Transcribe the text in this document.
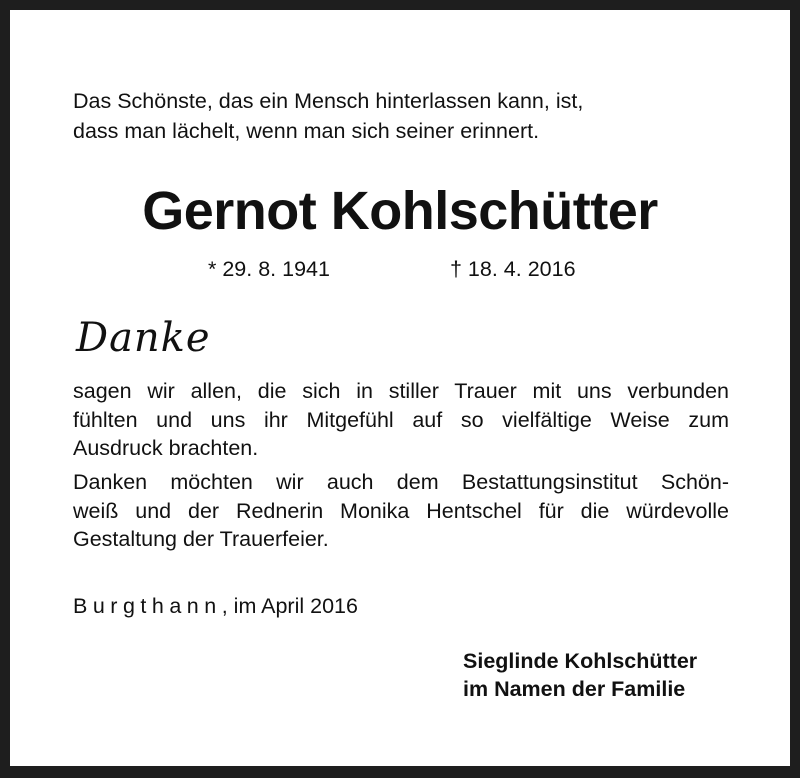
Das Schönste, das ein Mensch hinterlassen kann, ist,
dass man lächelt, wenn man sich seiner erinnert.
Gernot Kohlschütter
* 29. 8. 1941	† 18. 4. 2016
Danke

sagen wir allen, die sich in stiller Trauer mit uns verbunden
fühlten und uns ihr Mitgefühl auf so vielfältige Weise zum
Ausdruck brachten.

Danken möchten wir auch dem Bestattungsinstitut Schön-
weiß und der Rednerin Monika Hentschel für die würdevolle
Gestaltung der Trauerfeier.

Burgthann, im April 2016
Sieglinde Kohlschütter
im Namen der Familie
